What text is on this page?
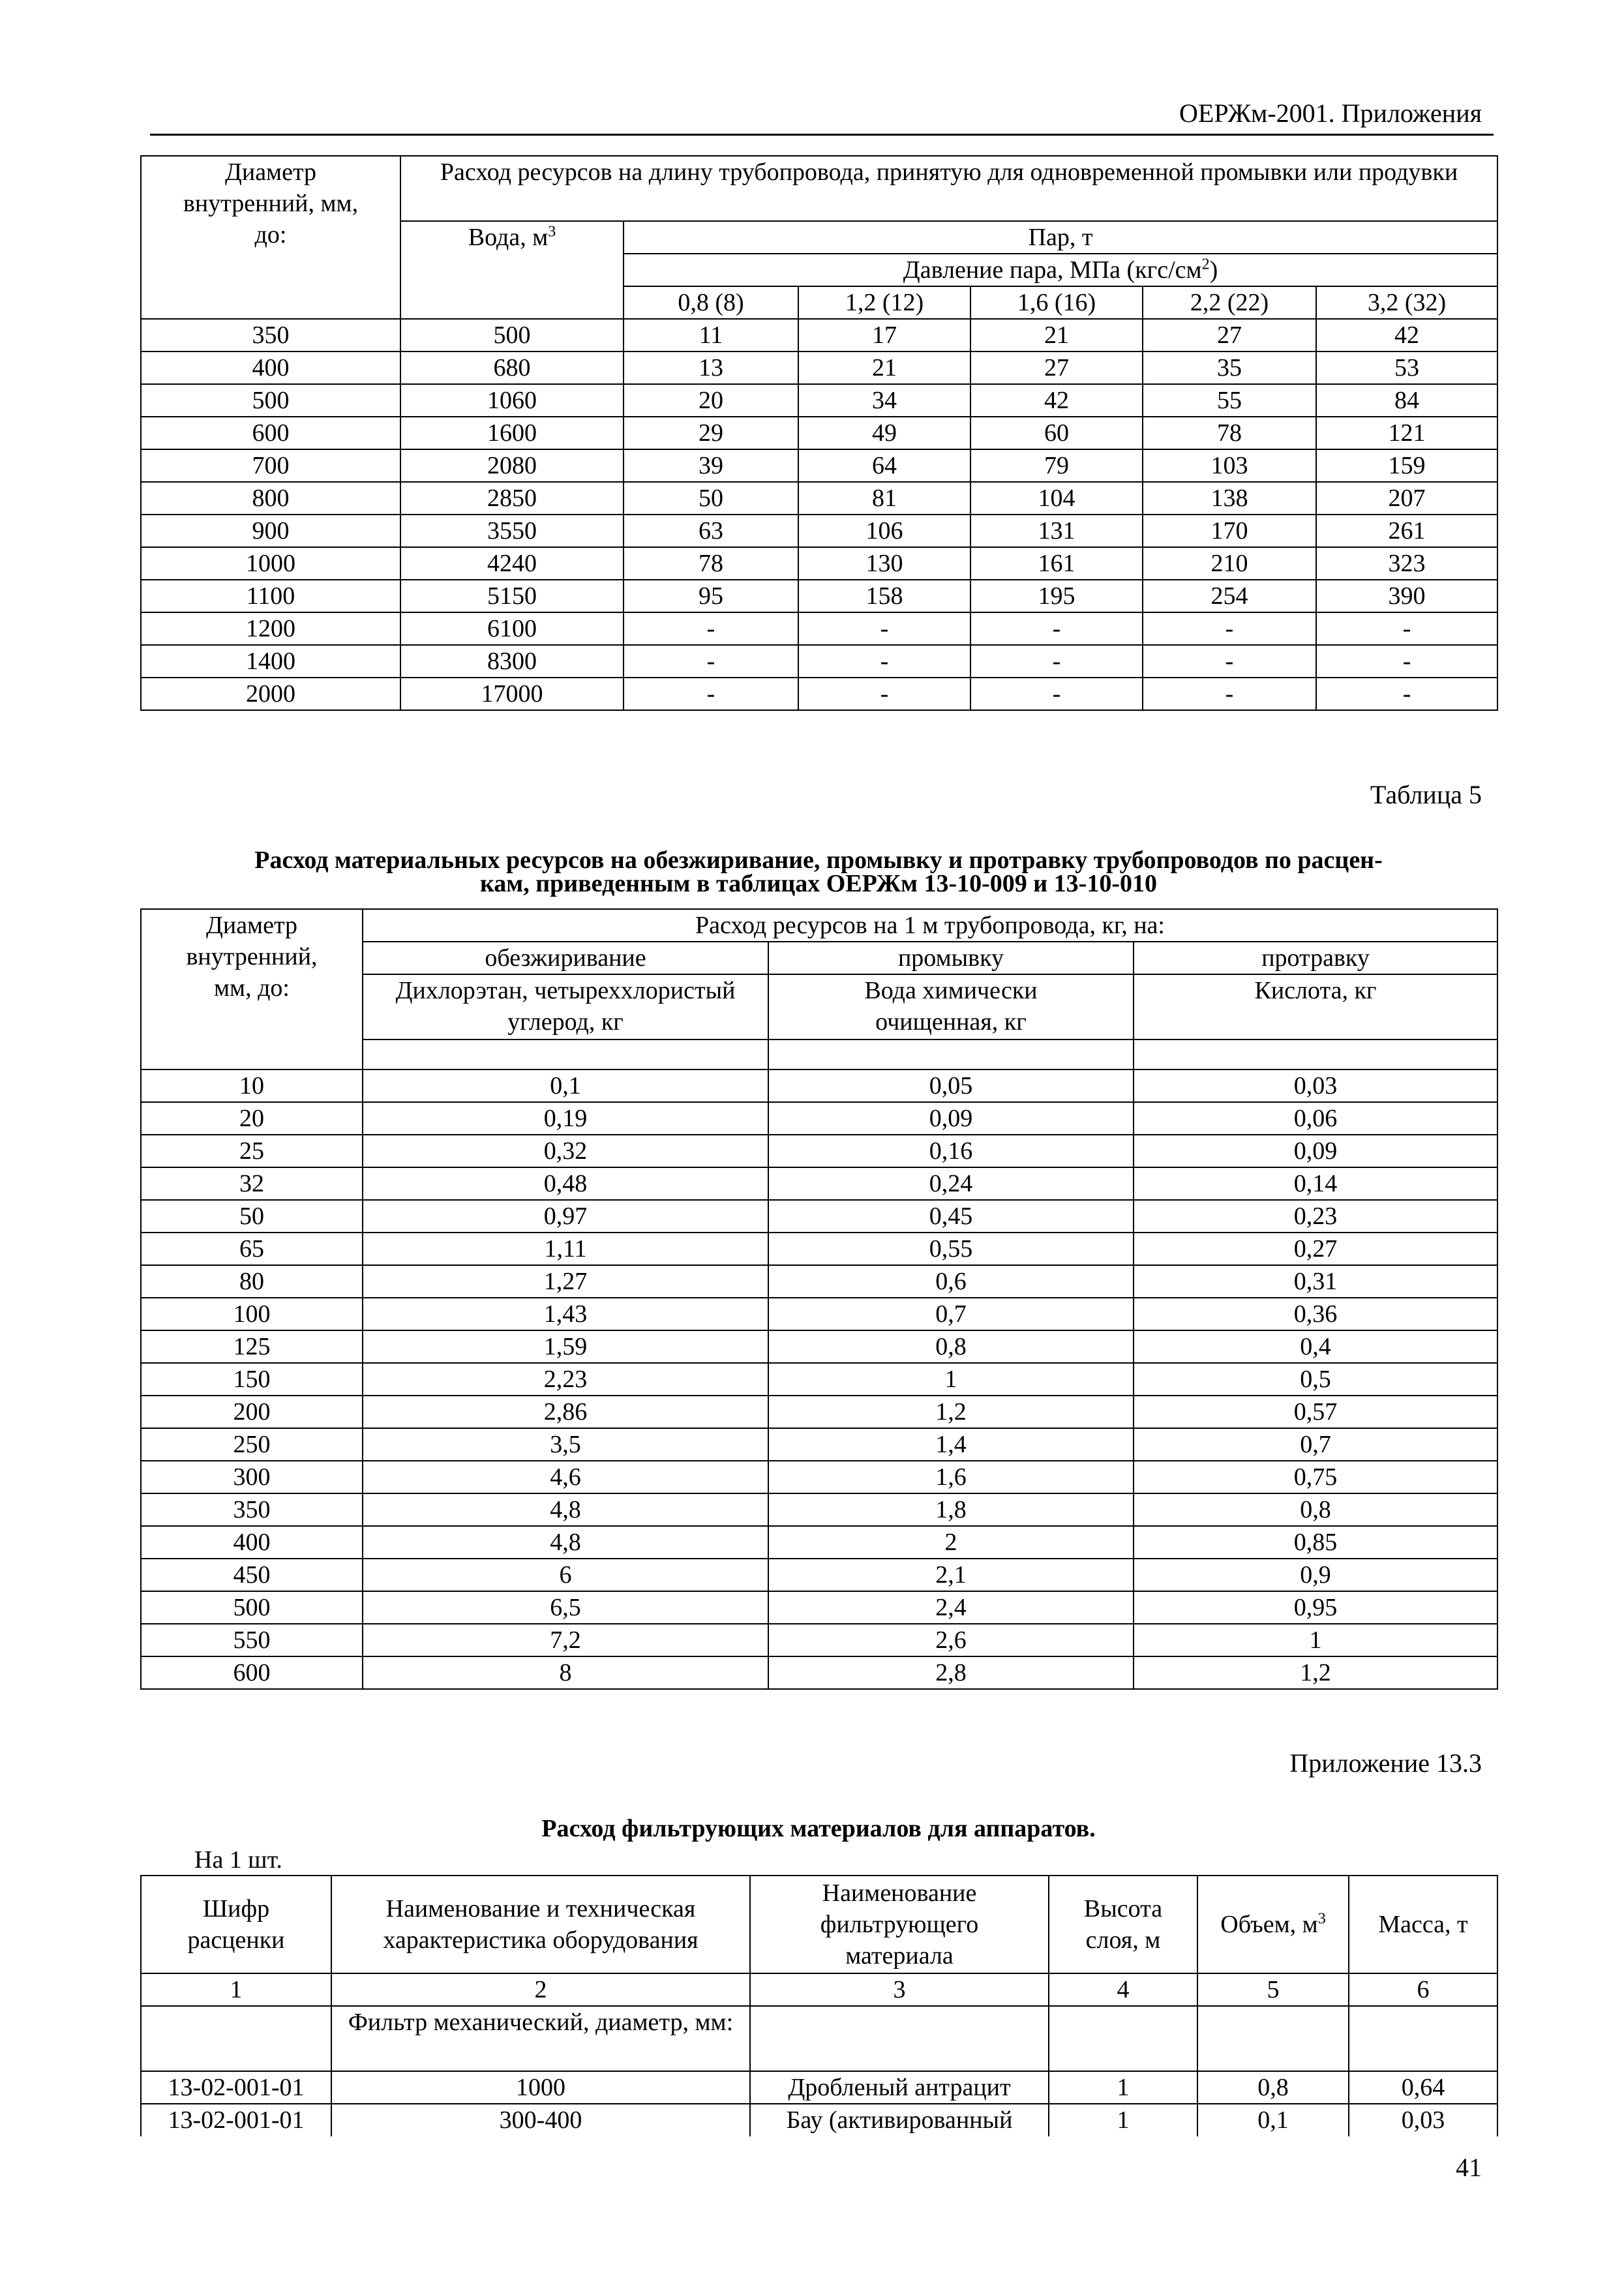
ОЕРЖм-2001. Приложения
Диаметр внутренний, мм, до:	Расход ресурсов на длину трубопровода, принятую для одновременной промывки или продувки					
	Вода, $м^3$	Пар, т				
		Давление пара, МПа $(кгс/см^2)$				
		0,8 (8)	1,2 (12)	1,6 (16)	2,2 (22)	3,2 (32)
350	500	11	17	21	27	42
400	680	13	21	27	35	53
500	1060	20	34	42	55	84
600	1600	29	49	60	78	121
700	2080	39	64	79	103	159
800	2850	50	81	104	138	207
900	3550	63	106	131	170	261
1000	4240	78	130	161	210	323
1100	5150	95	158	195	254	390
1200	6100	-	-	-	-	-
1400	8300	-	-	-	-	-
2000	17000	-	-	-	-	-
Таблица 5
Расход материальных ресурсов на обезжиривание, промывку и протравку трубопроводов по расцен-
кам, приведенным в таблицах ОЕРЖм 13-10-009 и 13-10-010
Диаметр внутренний, мм, до:	Расход ресурсов на 1 м трубопровода, кг, на:		
	обезжиривание	промывку	протравку
	Дихлорэтан, четыреххлористый углерод, кг	Вода химически очищенная, кг	Кислота, кг

10	0,1	0,05	0,03
20	0,19	0,09	0,06
25	0,32	0,16	0,09
32	0,48	0,24	0,14
50	0,97	0,45	0,23
65	1,11	0,55	0,27
80	1,27	0,6	0,31
100	1,43	0,7	0,36
125	1,59	0,8	0,4
150	2,23	1	0,5
200	2,86	1,2	0,57
250	3,5	1,4	0,7
300	4,6	1,6	0,75
350	4,8	1,8	0,8
400	4,8	2	0,85
450	6	2,1	0,9
500	6,5	2,4	0,95
550	7,2	2,6	1
600	8	2,8	1,2
Приложение 13.3
Расход фильтрующих материалов для аппаратов.
На 1 шт.
Шифр расценки	Наименование и техническая характеристика оборудования	Наименование фильтрующего материала	Высота слоя, м	Объем, $м^3$	Масса, т
1	2	3	4	5	6
	Фильтр механический, диаметр, мм:				
13-02-001-01	1000	Дробленый антрацит	1	0,8	0,64
13-02-001-01	300-400	Бау (активированный	1	0,1	0,03
41
